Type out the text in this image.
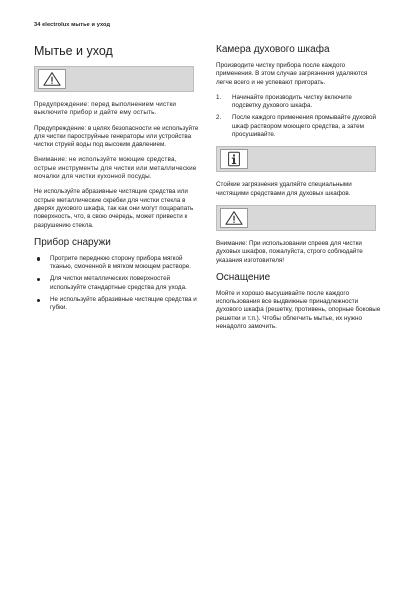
34 electrolux мытье и уход
Мытье и уход

Предупреждение: перед выполнением чистки выключите прибор и дайте ему остыть.

Предупреждение: в целях безопасности не используйте для чистки пароструйные генераторы или устройства чистки струей воды под высоким давлением.

Внимание: не используйте моющие средства, острые инструменты для чистки или металлические мочалки для чистки кухонной посуды.

Не используйте абразивные чистящие средства или острые металлические скребки для чистки стекла в дверях духового шкафа, так как они могут поцарапать поверхность, что, в свою очередь, может привести к разрушению стекла.

Прибор снаружи
Протрите переднюю сторону прибора мягкой тканью, смоченной в мягком моющем растворе.
Для чистки металлических поверхностей используйте стандартные средства для ухода.
Не используйте абразивные чистящие средства и губки.
Камера духового шкафа

Производите чистку прибора после каждого применения. В этом случае загрязнения удаляются легче всего и не успевают пригорать.

1. Начинайте производить чистку включите подсветку духового шкафа.
2. После каждого применения промывайте духовой шкаф раствором моющего средства, а затем просушивайте.

Стойкие загрязнения удаляйте специальными чистящими средствами для духовых шкафов.

Внимание: При использовании спреев для чистки духовых шкафов, пожалуйста, строго соблюдайте указания изготовителя!

Оснащение

Мойте и хорошо высушивайте после каждого использования все выдвижные принадлежности духового шкафа (решетку, противень, опорные боковые решетки и т.п.). Чтобы облегчить мытье, их нужно ненадолго замочить.
